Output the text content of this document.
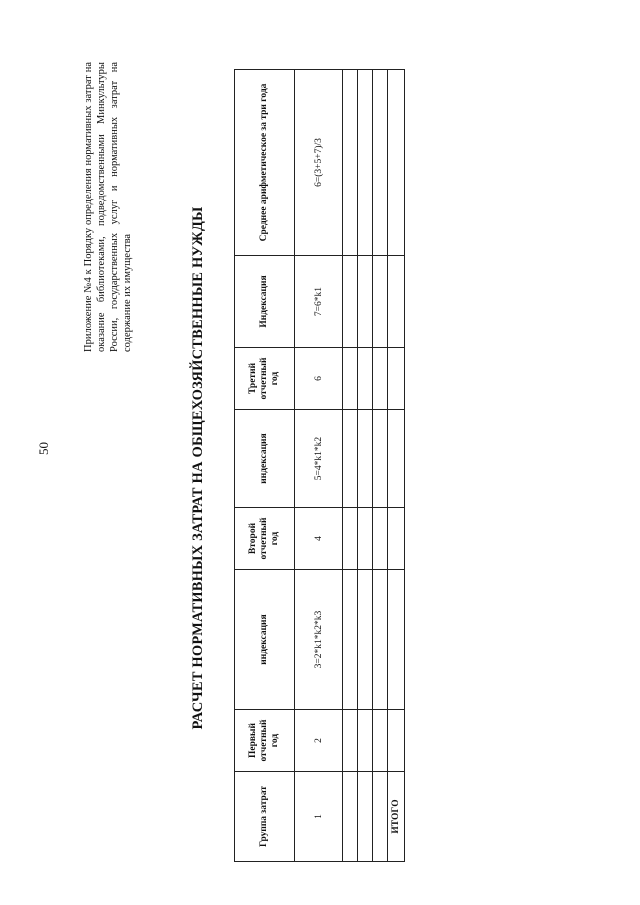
50
Приложение №4 к Порядку определения нормативных затрат на оказание библиотеками, подведомственными Минкультуры России, государственных услуг и нормативных затрат на содержание их имущества	РАСЧЕТ НОРМАТИВНЫХ ЗАТРАТ НА ОБЩЕХОЗЯЙСТВЕННЫЕ НУЖДЫ
Группа затрат	Первый отчетный год	индексация	Второй отчетный год	индексация	Третий отчетный год	Индексация	Среднее арифметическое за три года
1	2	3=2*k1*k2*k3	4	5=4*k1*k2	6	7=6*k1	6=(3+5+7)/3

ИТОГО							
